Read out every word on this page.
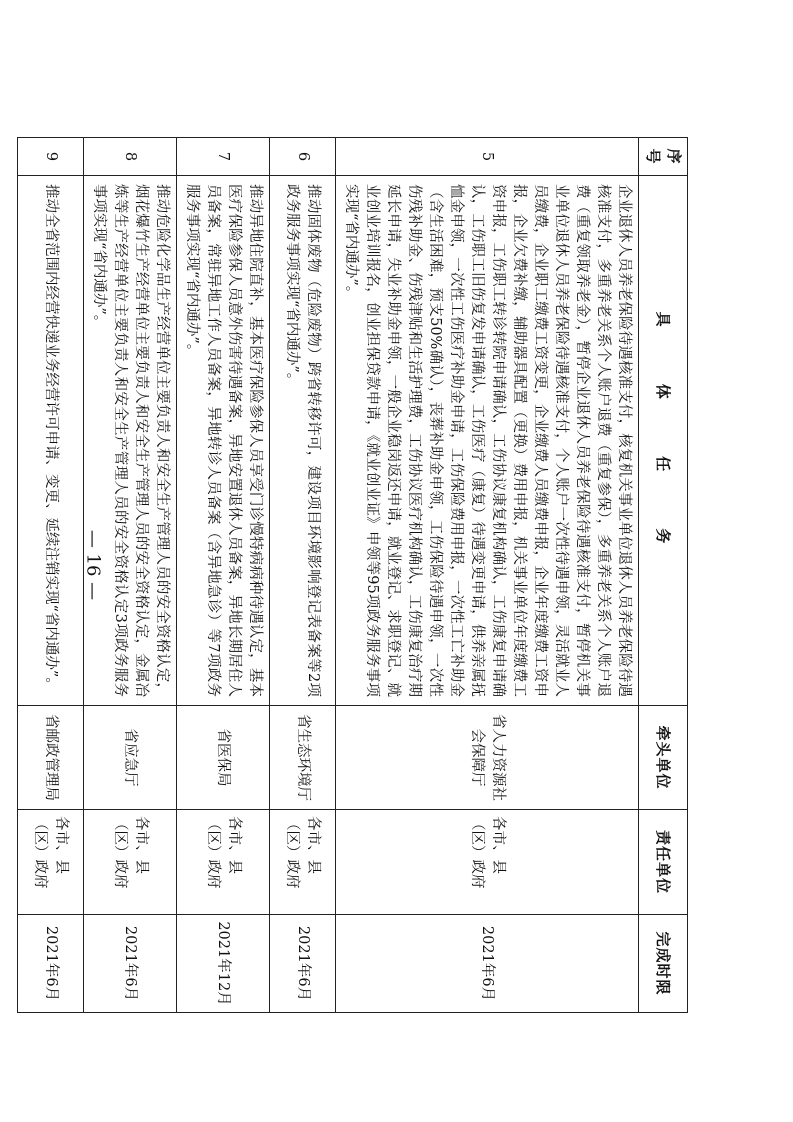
序号	具 体 任 务	牵头单位	责任单位	完成时限
5	企业退休人员养老保险待遇核准支付，核复机关事业单位退休人员养老保险待遇核准支付，多重养老关系个人账户退费（重复参保），多重养老关系个人账户退费（重复领取养老金），暂停企业退休人员养老保险待遇核准支付，暂停机关事业单位退休人员养老保险待遇核准支付，个人账户一次性待遇申领，灵活就业人员缴费，企业职工缴费工资变更，企业缴费人员缴费申报，企业年度缴费工资申报，企业欠费补缴，辅助器具配置（更换）费用申报，机关事业单位年度缴费工资申报，工伤职工转诊转院申请确认，工伤协议康复机构确认，工伤康复申请确认，工伤职工旧伤复发申请确认，工伤医疗（康复）待遇变更申请，供养亲属抚恤金申领，一次性工伤医疗补助金申请，工伤保险费用申报，一次性工亡补助金（含生活困难，预支50%确认），丧葬补助金申领，工伤保险待遇申领，一次性伤残补助金、伤残津贴和生活护理费，工伤协议医疗机构确认，工伤康复治疗期延长申请，失业补助金申领，一般企业稳岗返还申请，就业登记、求职登记、就业创业培训报名，创业担保贷款申请，《就业创业证》申领等95项政务服务事项实现“省内通办”。	省人力资源社会保障厅	各市、县（区）政府	2021年6月
6	推动固体废物（危险废物）跨省转移许可，建设项目环境影响登记表备案等2项政务服务事项实现“省内通办”。	省生态环境厅	各市、县（区）政府	2021年6月
7	推动异地住院直补，基本医疗保险参保人员享受门诊慢特病病种待遇认定，基本医疗保险参保人员意外伤害待遇备案，异地安置退休人员备案，异地长期居住人员备案，常驻异地工作人员备案，异地转诊人员备案（含异地急诊）等7项政务服务事项实现“省内通办”。	省医保局	各市、县（区）政府	2021年12月
8	推动危险化学品生产经营单位主要负责人和安全生产管理人员的安全资格认定，烟花爆竹生产经营单位主要负责人和安全生产管理人员的安全资格认定，金属冶炼等生产经营单位主要负责人和安全生产管理人员的安全资格认定3项政务服务事项实现“省内通办”。	省应急厅	各市、县（区）政府	2021年6月
9	推动全省范围内经营快递业务经营许可申请、变更、延续注销实现“省内通办”。	省邮政管理局	各市、县（区）政府	2021年6月
— 16 —
